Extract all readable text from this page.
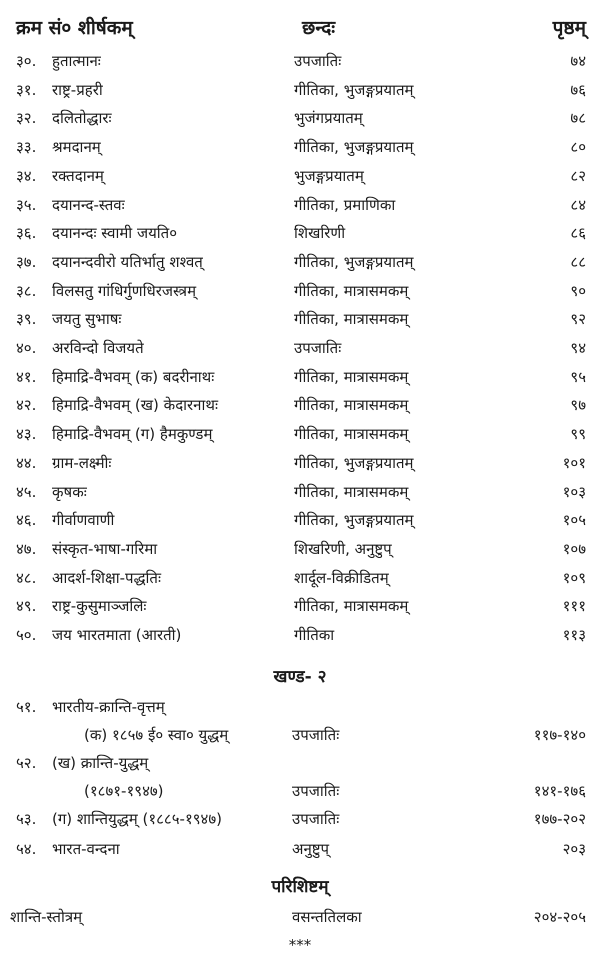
क्रम सं० शीर्षकम्	छन्दः	पृष्ठम्
३०. हुतात्मानः	उपजातिः	७४
३१. राष्ट्र-प्रहरी	गीतिका, भुजङ्गप्रयातम्	७६
३२. दलितोद्धारः	भुजंगप्रयातम्	७८
३३. श्रमदानम्	गीतिका, भुजङ्गप्रयातम्	८०
३४. रक्तदानम्	भुजङ्गप्रयातम्	८२
३५. दयानन्द-स्तवः	गीतिका, प्रमाणिका	८४
३६. दयानन्दः स्वामी जयति०	शिखरिणी	८६
३७. दयानन्दवीरो यतिर्भातु शश्वत्	गीतिका, भुजङ्गप्रयातम्	८८
३८. विलसतु गांधिर्गुणधिरजस्त्रम्	गीतिका, मात्रासमकम्	९०
३९. जयतु सुभाषः	गीतिका, मात्रासमकम्	९२
४०. अरविन्दो विजयते	उपजातिः	९४
४१. हिमाद्रि-वैभवम् (क) बदरीनाथः	गीतिका, मात्रासमकम्	९५
४२. हिमाद्रि-वैभवम् (ख) केदारनाथः	गीतिका, मात्रासमकम्	९७
४३. हिमाद्रि-वैभवम् (ग) हैमकुण्डम्	गीतिका, मात्रासमकम्	९९
४४. ग्राम-लक्ष्मीः	गीतिका, भुजङ्गप्रयातम्	१०१
४५. कृषकः	गीतिका, मात्रासमकम्	१०३
४६. गीर्वाणवाणी	गीतिका, भुजङ्गप्रयातम्	१०५
४७. संस्कृत-भाषा-गरिमा	शिखरिणी, अनुष्टुप्	१०७
४८. आदर्श-शिक्षा-पद्धतिः	शार्दूल-विक्रीडितम्	१०९
४९. राष्ट्र-कुसुमाञ्जलिः	गीतिका, मात्रासमकम्	१११
५०. जय भारतमाता (आरती)	गीतिका	११३
खण्ड- २
५१. भारतीय-क्रान्ति-वृत्तम्
(क) १८५७ ई० स्वा० युद्धम्	उपजातिः	११७-१४०
५२. (ख) क्रान्ति-युद्धम्
(१८७१-१९४७)	उपजातिः	१४१-१७६
५३. (ग) शान्तियुद्धम् (१८८५-१९४७)	उपजातिः	१७७-२०२
५४. भारत-वन्दना	अनुष्टुप्	२०३
परिशिष्टम्
शान्ति-स्तोत्रम्	वसन्ततिलका	२०४-२०५
***
